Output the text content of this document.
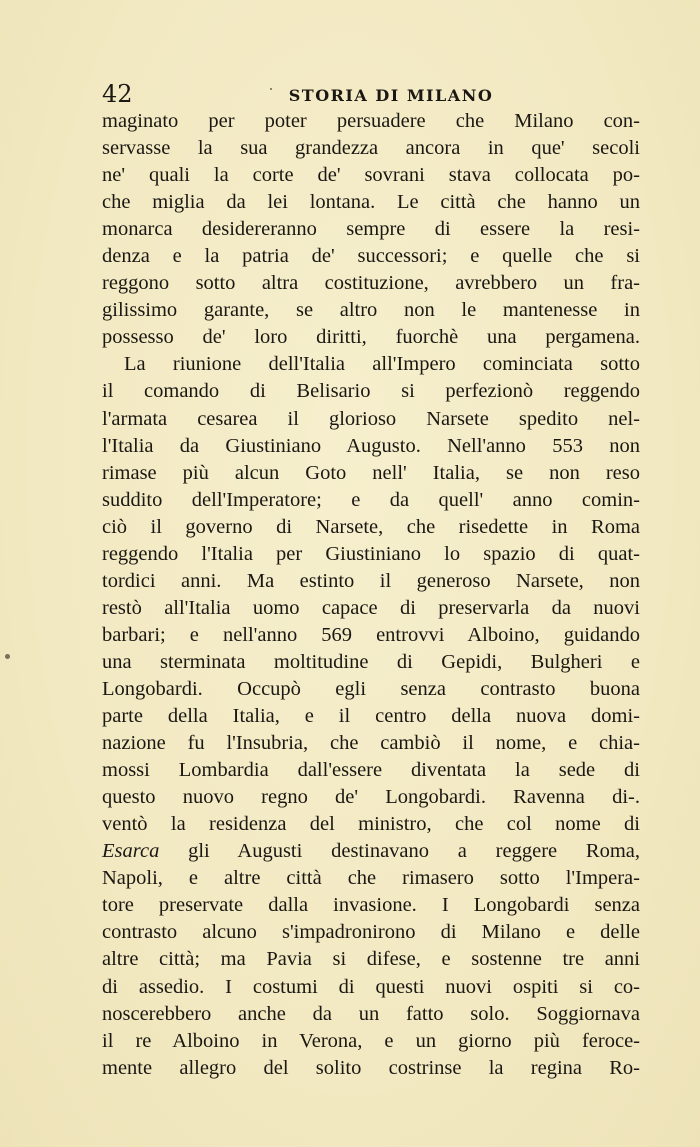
42	STORIA DI MILANO
maginato per poter persuadere che Milano con-
servasse la sua grandezza ancora in que' secoli
ne' quali la corte de' sovrani stava collocata po-
che miglia da lei lontana. Le città che hanno un
monarca desidereranno sempre di essere la resi-
denza e la patria de' successori; e quelle che si
reggono sotto altra costituzione, avrebbero un fra-
gilissimo garante, se altro non le mantenesse in
possesso de' loro diritti, fuorchè una pergamena.
La riunione dell'Italia all'Impero cominciata sotto
il comando di Belisario si perfezionò reggendo
l'armata cesarea il glorioso Narsete spedito nel-
l'Italia da Giustiniano Augusto. Nell'anno 553 non
rimase più alcun Goto nell' Italia, se non reso
suddito dell'Imperatore; e da quell' anno comin-
ciò il governo di Narsete, che risedette in Roma
reggendo l'Italia per Giustiniano lo spazio di quat-
tordici anni. Ma estinto il generoso Narsete, non
restò all'Italia uomo capace di preservarla da nuovi
barbari; e nell'anno 569 entrovvi Alboino, guidando
una sterminata moltitudine di Gepidi, Bulgheri e
Longobardi. Occupò egli senza contrasto buona
parte della Italia, e il centro della nuova domi-
nazione fu l'Insubria, che cambiò il nome, e chia-
mossi Lombardia dall'essere diventata la sede di
questo nuovo regno de' Longobardi. Ravenna di-.
ventò la residenza del ministro, che col nome di
Esarca gli Augusti destinavano a reggere Roma,
Napoli, e altre città che rimasero sotto l'Impera-
tore preservate dalla invasione. I Longobardi senza
contrasto alcuno s'impadronirono di Milano e delle
altre città; ma Pavia si difese, e sostenne tre anni
di assedio. I costumi di questi nuovi ospiti si co-
noscerebbero anche da un fatto solo. Soggiornava
il re Alboino in Verona, e un giorno più feroce-
mente allegro del solito costrinse la regina Ro-
